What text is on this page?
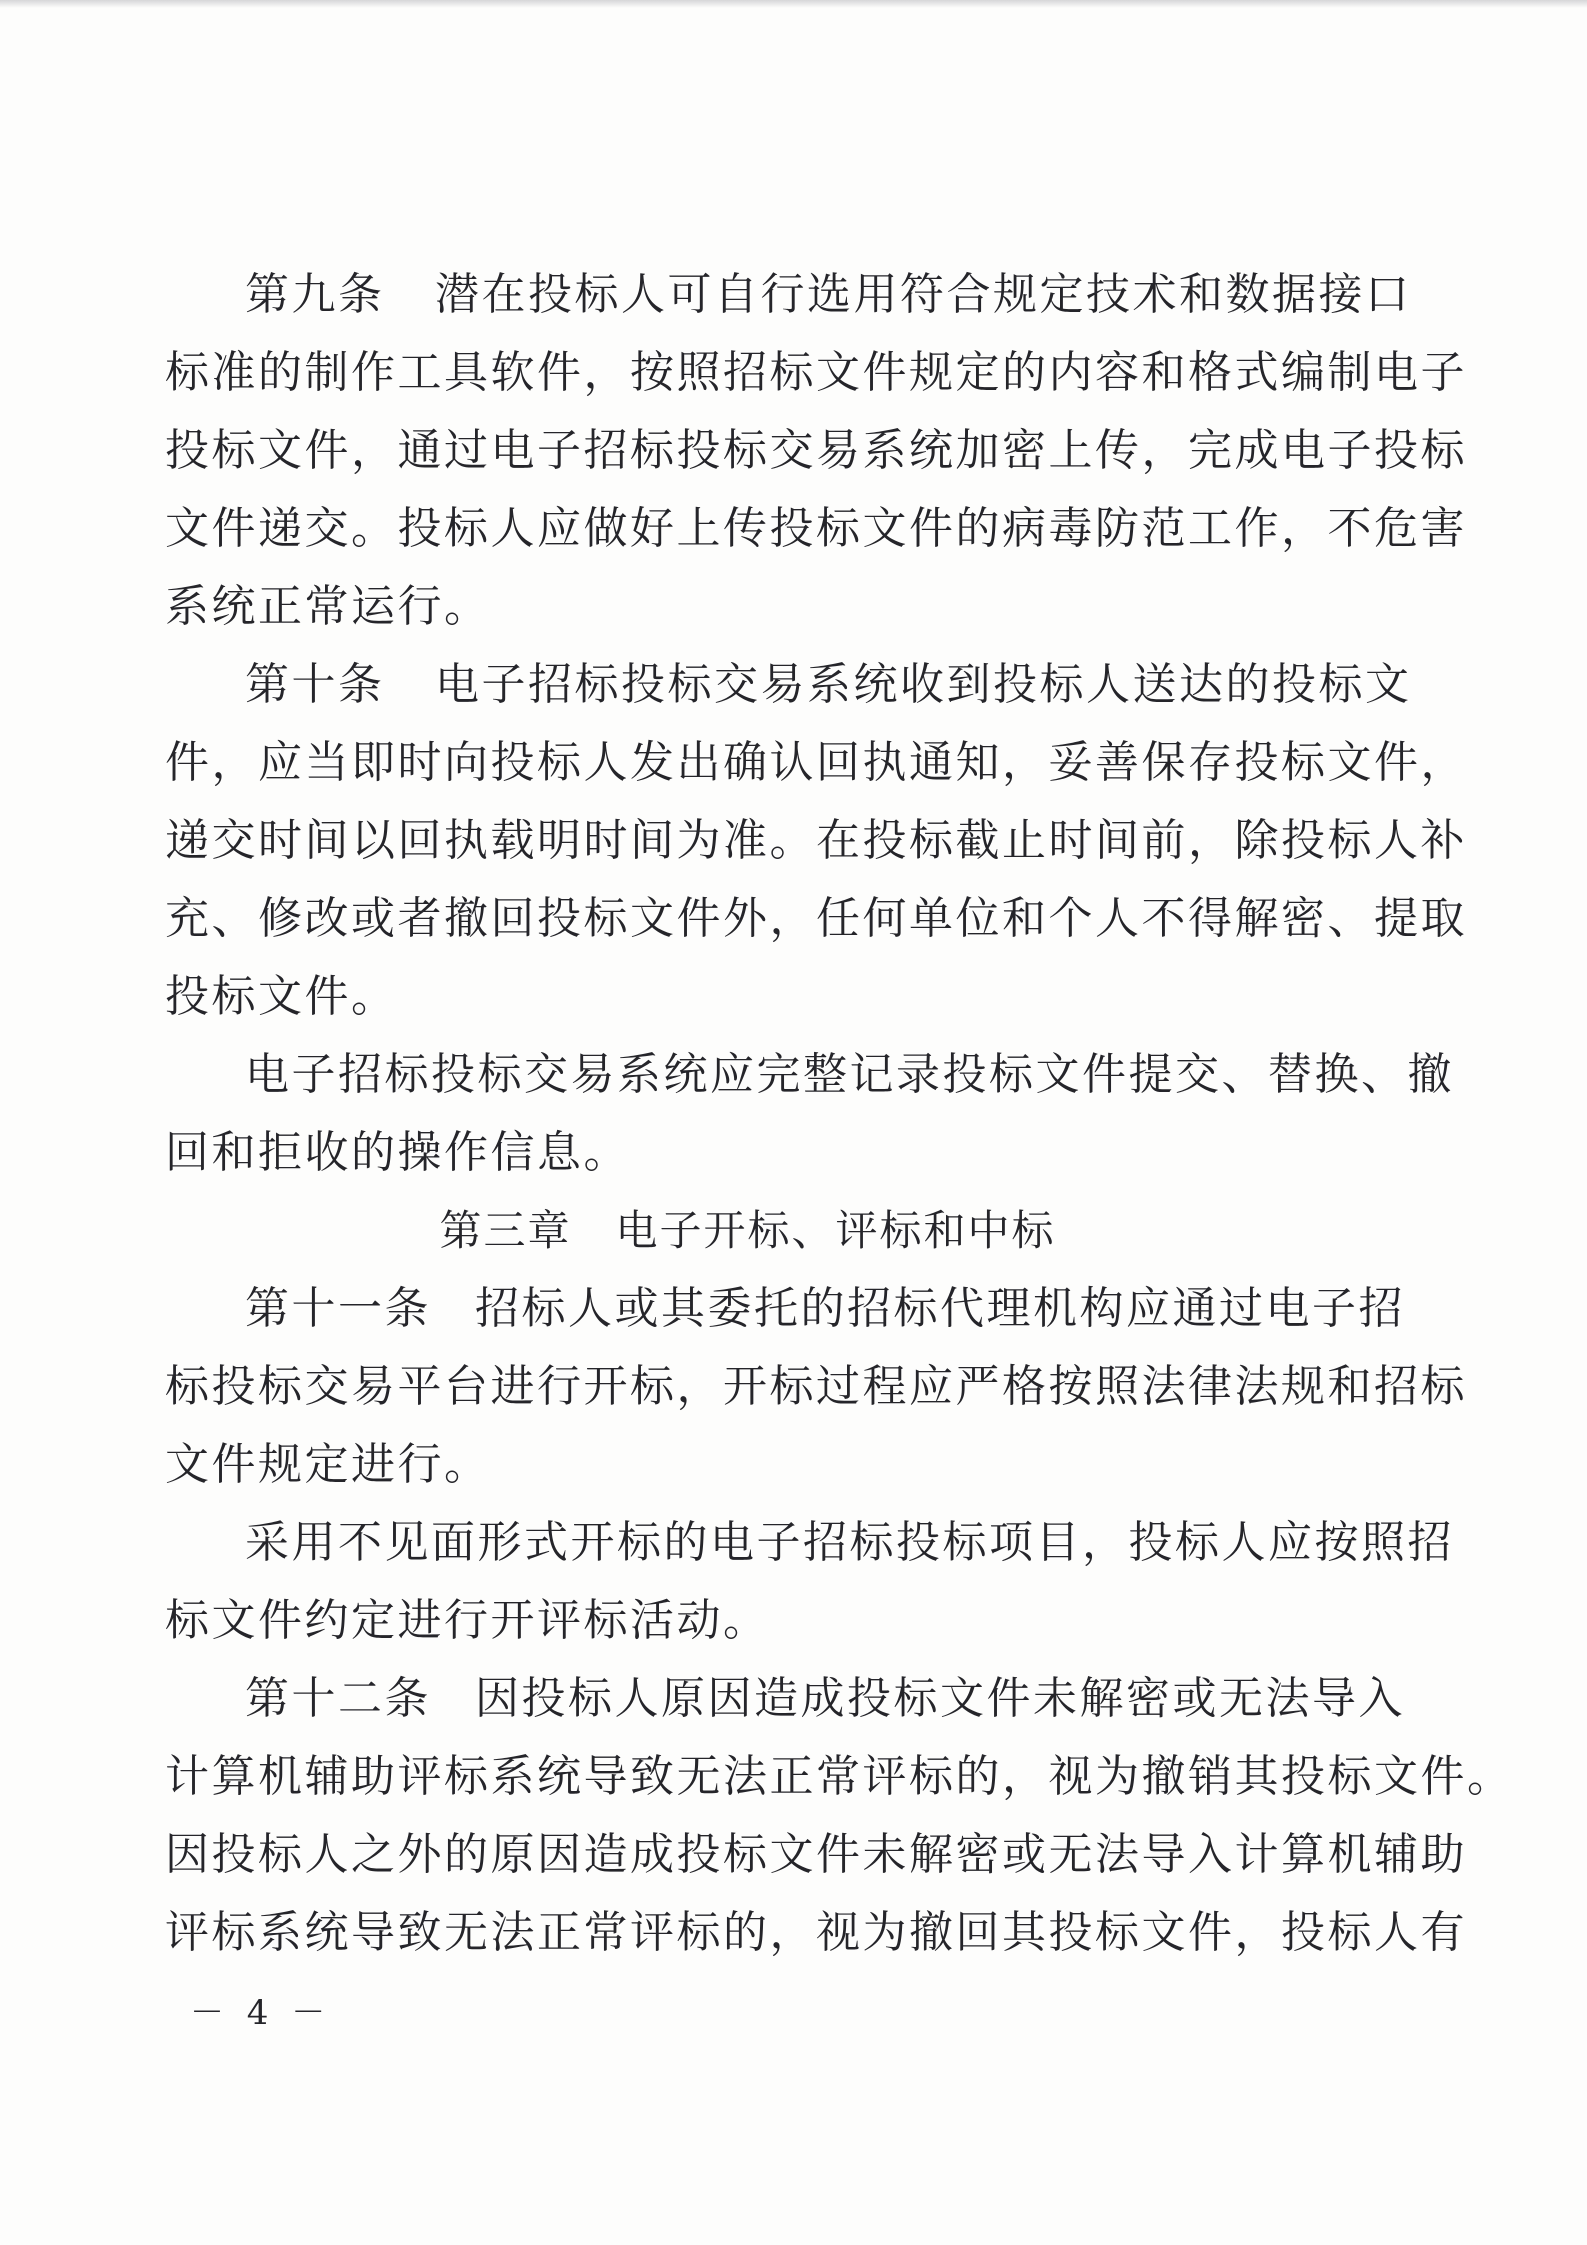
第九条 潜在投标人可自行选用符合规定技术和数据接口
标准的制作工具软件，按照招标文件规定的内容和格式编制电子
投标文件，通过电子招标投标交易系统加密上传，完成电子投标
文件递交。投标人应做好上传投标文件的病毒防范工作，不危害
系统正常运行。
第十条 电子招标投标交易系统收到投标人送达的投标文
件，应当即时向投标人发出确认回执通知，妥善保存投标文件，
递交时间以回执载明时间为准。在投标截止时间前，除投标人补
充、修改或者撤回投标文件外，任何单位和个人不得解密、提取
投标文件。
电子招标投标交易系统应完整记录投标文件提交、替换、撤
回和拒收的操作信息。
第三章　电子开标、评标和中标
第十一条 招标人或其委托的招标代理机构应通过电子招
标投标交易平台进行开标，开标过程应严格按照法律法规和招标
文件规定进行。
采用不见面形式开标的电子招标投标项目，投标人应按照招
标文件约定进行开评标活动。
第十二条 因投标人原因造成投标文件未解密或无法导入
计算机辅助评标系统导致无法正常评标的，视为撤销其投标文件。
因投标人之外的原因造成投标文件未解密或无法导入计算机辅助
评标系统导致无法正常评标的，视为撤回其投标文件，投标人有
－ 4 －
